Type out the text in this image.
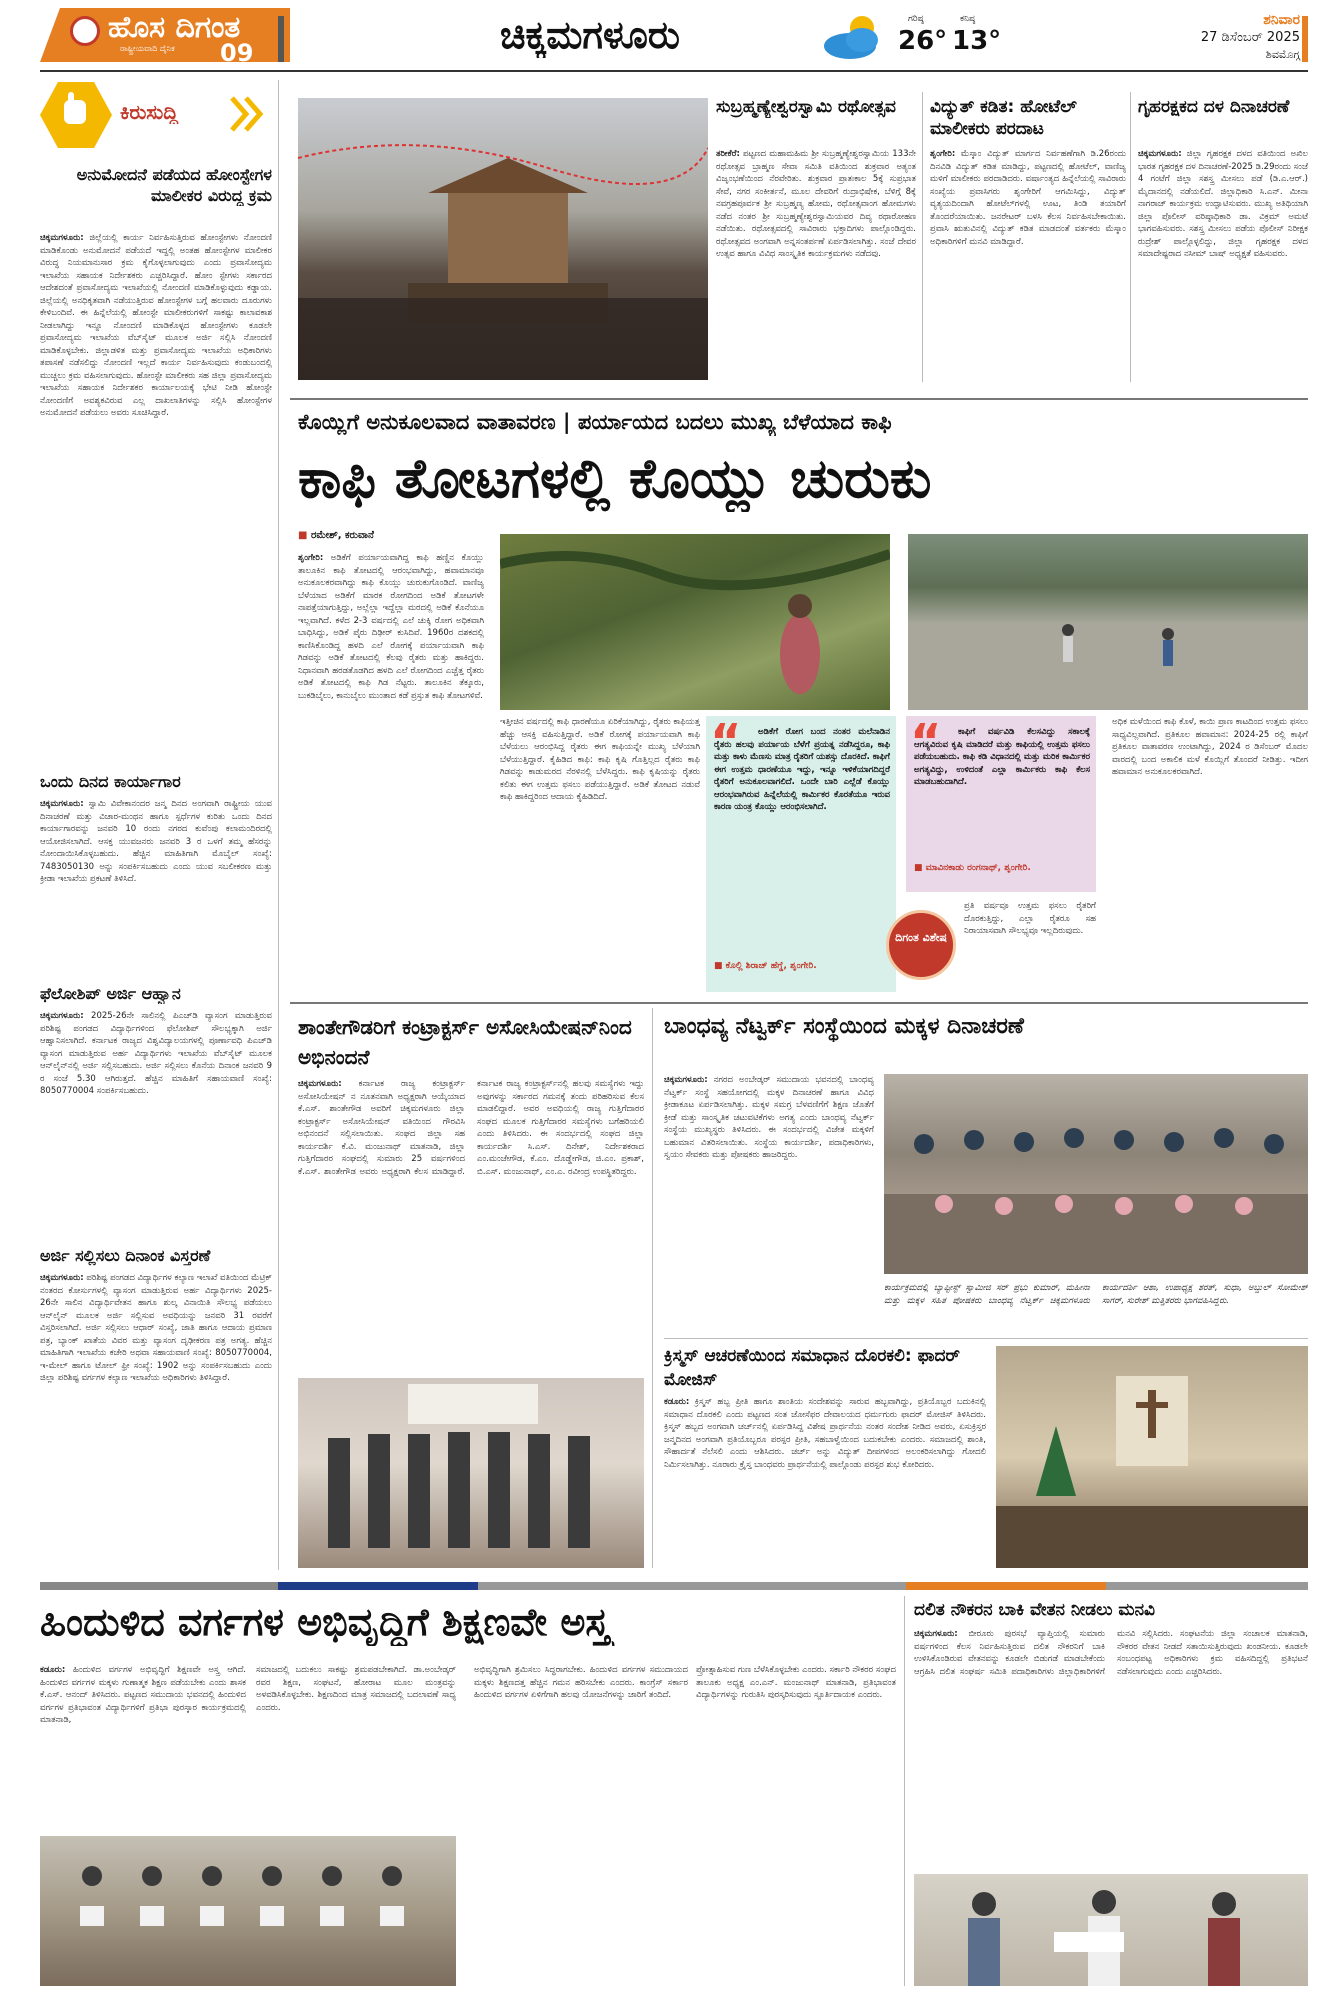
ಹೊಸ ದಿಗಂತ
ರಾಷ್ಟ್ರೀಯವಾದಿ ದೈನಿಕ	09	ಚಿಕ್ಕಮಗಳೂರು	ಗರಿಷ್ಠ
26°
ಕನಿಷ್ಠ
13°
ಶನಿವಾರ
27 ಡಿಸೆಂಬರ್ 2025
ಶಿವಮೊಗ್ಗ
ಕಿರುಸುದ್ದಿ
ಅನುಮೋದನೆ ಪಡೆಯದ ಹೋಂಸ್ಟೇಗಳ ಮಾಲೀಕರ ವಿರುದ್ಧ ಕ್ರಮ
ಚಿಕ್ಕಮಗಳೂರು: ಜಿಲ್ಲೆಯಲ್ಲಿ ಕಾರ್ಯ ನಿರ್ವಹಿಸುತ್ತಿರುವ ಹೋಂಸ್ಟೇಗಳು ನೋಂದಣಿ ಮಾಡಿಕೊಂಡು ಅನುಮೋದನೆ ಪಡೆಯದೆ ಇದ್ದಲ್ಲಿ ಅಂತಹ ಹೋಂಸ್ಟೇಗಳ ಮಾಲೀಕರ ವಿರುದ್ಧ ನಿಯಮಾನುಸಾರ ಕ್ರಮ ಕೈಗೊಳ್ಳಲಾಗುವುದು ಎಂದು ಪ್ರವಾಸೋದ್ಯಮ ಇಲಾಖೆಯ ಸಹಾಯಕ ನಿರ್ದೇಶಕರು ಎಚ್ಚರಿಸಿದ್ದಾರೆ. ಹೋಂ ಸ್ಟೇಗಳು ಸರ್ಕಾರದ ಆದೇಶದಂತೆ ಪ್ರವಾಸೋದ್ಯಮ ಇಲಾಖೆಯಲ್ಲಿ ನೋಂದಣಿ ಮಾಡಿಕೊಳ್ಳುವುದು ಕಡ್ಡಾಯ. ಜಿಲ್ಲೆಯಲ್ಲಿ ಅನಧಿಕೃತವಾಗಿ ನಡೆಯುತ್ತಿರುವ ಹೋಂಸ್ಟೇಗಳ ಬಗ್ಗೆ ಹಲವಾರು ದೂರುಗಳು ಕೇಳಿಬಂದಿವೆ. ಈ ಹಿನ್ನೆಲೆಯಲ್ಲಿ ಹೋಂಸ್ಟೇ ಮಾಲೀಕರುಗಳಿಗೆ ಸಾಕಷ್ಟು ಕಾಲಾವಕಾಶ ನೀಡಲಾಗಿದ್ದು ಇನ್ನೂ ನೋಂದಣಿ ಮಾಡಿಕೊಳ್ಳದ ಹೋಂಸ್ಟೇಗಳು ಕೂಡಲೇ ಪ್ರವಾಸೋದ್ಯಮ ಇಲಾಖೆಯ ವೆಬ್‌ಸೈಟ್ ಮೂಲಕ ಅರ್ಜಿ ಸಲ್ಲಿಸಿ ನೋಂದಣಿ ಮಾಡಿಕೊಳ್ಳಬೇಕು. ಜಿಲ್ಲಾಡಳಿತ ಮತ್ತು ಪ್ರವಾಸೋದ್ಯಮ ಇಲಾಖೆಯ ಅಧಿಕಾರಿಗಳು ತಪಾಸಣೆ ನಡೆಸಲಿದ್ದು ನೋಂದಣಿ ಇಲ್ಲದೆ ಕಾರ್ಯ ನಿರ್ವಹಿಸುವುದು ಕಂಡುಬಂದಲ್ಲಿ ಮುಚ್ಚಲು ಕ್ರಮ ವಹಿಸಲಾಗುವುದು. ಹೋಂಸ್ಟೇ ಮಾಲೀಕರು ಸಹ ಜಿಲ್ಲಾ ಪ್ರವಾಸೋದ್ಯಮ ಇಲಾಖೆಯ ಸಹಾಯಕ ನಿರ್ದೇಶಕರ ಕಾರ್ಯಾಲಯಕ್ಕೆ ಭೇಟಿ ನೀಡಿ ಹೋಂಸ್ಟೇ ನೋಂದಣಿಗೆ ಅವಶ್ಯಕವಿರುವ ಎಲ್ಲ ದಾಖಲಾತಿಗಳನ್ನು ಸಲ್ಲಿಸಿ ಹೋಂಸ್ಟೇಗಳ ಅನುಮೋದನೆ ಪಡೆಯಲು ಅವರು ಸೂಚಿಸಿದ್ದಾರೆ.
ಒಂದು ದಿನದ ಕಾರ್ಯಾಗಾರ
ಚಿಕ್ಕಮಗಳೂರು: ಸ್ವಾಮಿ ವಿವೇಕಾನಂದರ ಜನ್ಮ ದಿನದ ಅಂಗವಾಗಿ ರಾಷ್ಟ್ರೀಯ ಯುವ ದಿನಾಚರಣೆ ಮತ್ತು ವಿಚಾರ-ಮಂಥನ ಹಾಗೂ ಸ್ಪರ್ಧೆಗಳ ಕುರಿತು ಒಂದು ದಿನದ ಕಾರ್ಯಾಗಾರವನ್ನು ಜನವರಿ 10 ರಂದು ನಗರದ ಕುವೆಂಪು ಕಲಾಮಂದಿರದಲ್ಲಿ ಆಯೋಜಿಸಲಾಗಿದೆ. ಆಸಕ್ತ ಯುವಜನರು ಜನವರಿ 3 ರ ಒಳಗೆ ತಮ್ಮ ಹೆಸರನ್ನು ನೋಂದಾಯಿಸಿಕೊಳ್ಳಬಹುದು. ಹೆಚ್ಚಿನ ಮಾಹಿತಿಗಾಗಿ ಮೊಬೈಲ್ ಸಂಖ್ಯೆ: 7483050130 ಅನ್ನು ಸಂಪರ್ಕಿಸಬಹುದು ಎಂದು ಯುವ ಸಬಲೀಕರಣ ಮತ್ತು ಕ್ರೀಡಾ ಇಲಾಖೆಯ ಪ್ರಕಟಣೆ ತಿಳಿಸಿದೆ.
ಫೆಲೋಶಿಪ್ ಅರ್ಜಿ ಆಹ್ವಾನ
ಚಿಕ್ಕಮಗಳೂರು: 2025-26ನೇ ಸಾಲಿನಲ್ಲಿ ಪಿಎಚ್‌ಡಿ ವ್ಯಾಸಂಗ ಮಾಡುತ್ತಿರುವ ಪರಿಶಿಷ್ಟ ಪಂಗಡದ ವಿದ್ಯಾರ್ಥಿಗಳಿಂದ ಫೆಲೋಶಿಪ್ ಸೌಲಭ್ಯಕ್ಕಾಗಿ ಅರ್ಜಿ ಆಹ್ವಾನಿಸಲಾಗಿದೆ. ಕರ್ನಾಟಕ ರಾಜ್ಯದ ವಿಶ್ವವಿದ್ಯಾಲಯಗಳಲ್ಲಿ ಪೂರ್ಣಾವಧಿ ಪಿಎಚ್‌ಡಿ ವ್ಯಾಸಂಗ ಮಾಡುತ್ತಿರುವ ಅರ್ಹ ವಿದ್ಯಾರ್ಥಿಗಳು ಇಲಾಖೆಯ ವೆಬ್‌ಸೈಟ್ ಮೂಲಕ ಆನ್‌ಲೈನ್‌ನಲ್ಲಿ ಅರ್ಜಿ ಸಲ್ಲಿಸಬಹುದು. ಅರ್ಜಿ ಸಲ್ಲಿಸಲು ಕೊನೆಯ ದಿನಾಂಕ ಜನವರಿ 9 ರ ಸಂಜೆ 5.30 ಆಗಿರುತ್ತದೆ. ಹೆಚ್ಚಿನ ಮಾಹಿತಿಗೆ ಸಹಾಯವಾಣಿ ಸಂಖ್ಯೆ: 8050770004 ಸಂಪರ್ಕಿಸಬಹುದು.
ಅರ್ಜಿ ಸಲ್ಲಿಸಲು ದಿನಾಂಕ ವಿಸ್ತರಣೆ
ಚಿಕ್ಕಮಗಳೂರು: ಪರಿಶಿಷ್ಟ ಪಂಗಡದ ವಿದ್ಯಾರ್ಥಿಗಳ ಕಲ್ಯಾಣ ಇಲಾಖೆ ವತಿಯಿಂದ ಮೆಟ್ರಿಕ್ ನಂತರದ ಕೋರ್ಸುಗಳಲ್ಲಿ ವ್ಯಾಸಂಗ ಮಾಡುತ್ತಿರುವ ಅರ್ಹ ವಿದ್ಯಾರ್ಥಿಗಳು 2025-26ನೇ ಸಾಲಿನ ವಿದ್ಯಾರ್ಥಿವೇತನ ಹಾಗೂ ಶುಲ್ಕ ವಿನಾಯಿತಿ ಸೌಲಭ್ಯ ಪಡೆಯಲು ಆನ್‌ಲೈನ್ ಮೂಲಕ ಅರ್ಜಿ ಸಲ್ಲಿಸುವ ಅವಧಿಯನ್ನು ಜನವರಿ 31 ರವರೆಗೆ ವಿಸ್ತರಿಸಲಾಗಿದೆ. ಅರ್ಜಿ ಸಲ್ಲಿಸಲು ಆಧಾರ್ ಸಂಖ್ಯೆ, ಜಾತಿ ಹಾಗೂ ಆದಾಯ ಪ್ರಮಾಣ ಪತ್ರ, ಬ್ಯಾಂಕ್ ಖಾತೆಯ ವಿವರ ಮತ್ತು ವ್ಯಾಸಂಗ ದೃಢೀಕರಣ ಪತ್ರ ಅಗತ್ಯ. ಹೆಚ್ಚಿನ ಮಾಹಿತಿಗಾಗಿ ಇಲಾಖೆಯ ಕಚೇರಿ ಅಥವಾ ಸಹಾಯವಾಣಿ ಸಂಖ್ಯೆ: 8050770004, ಇ-ಮೇಲ್ ಹಾಗೂ ಟೋಲ್ ಫ್ರೀ ಸಂಖ್ಯೆ: 1902 ಅನ್ನು ಸಂಪರ್ಕಿಸಬಹುದು ಎಂದು ಜಿಲ್ಲಾ ಪರಿಶಿಷ್ಟ ವರ್ಗಗಳ ಕಲ್ಯಾಣ ಇಲಾಖೆಯ ಅಧಿಕಾರಿಗಳು ತಿಳಿಸಿದ್ದಾರೆ.
ಸುಬ್ರಹ್ಮಣ್ಯೇಶ್ವರಸ್ವಾಮಿ ರಥೋತ್ಸವ
ತರೀಕೆರೆ: ಪಟ್ಟಣದ ಮಹಾಮಹಿಮ ಶ್ರೀ ಸುಬ್ರಹ್ಮಣ್ಯೇಶ್ವರಸ್ವಾಮಿಯ 133ನೇ ರಥೋತ್ಸವ ಬ್ರಾಹ್ಮಣ ಸೇವಾ ಸಮಿತಿ ವತಿಯಿಂದ ಶುಕ್ರವಾರ ಅತ್ಯಂತ ವಿಜೃಂಭಣೆಯಿಂದ ನೆರವೇರಿತು. ಶುಕ್ರವಾರ ಪ್ರಾತಃಕಾಲ 5ಕ್ಕೆ ಸುಪ್ರಭಾತ ಸೇವೆ, ನಗರ ಸಂಕೀರ್ತನೆ, ಮೂಲ ದೇವರಿಗೆ ರುದ್ರಾಭಿಷೇಕ, ಬೆಳಿಗ್ಗೆ 8ಕ್ಕೆ ನವಗ್ರಹಪೂರ್ವಕ ಶ್ರೀ ಸುಬ್ರಹ್ಮಣ್ಯ ಹೋಮ, ರಥೋತ್ಸವಾಂಗ ಹೋಮಗಳು ನಡೆದ ನಂತರ ಶ್ರೀ ಸುಬ್ರಹ್ಮಣ್ಯೇಶ್ವರಸ್ವಾಮಿಯವರ ದಿವ್ಯ ರಥಾರೋಹಣ ನಡೆಯಿತು. ರಥೋತ್ಸವದಲ್ಲಿ ಸಾವಿರಾರು ಭಕ್ತಾದಿಗಳು ಪಾಲ್ಗೊಂಡಿದ್ದರು. ರಥೋತ್ಸವದ ಅಂಗವಾಗಿ ಅನ್ನಸಂತರ್ಪಣೆ ಏರ್ಪಡಿಸಲಾಗಿತ್ತು. ಸಂಜೆ ದೇವರ ಉತ್ಸವ ಹಾಗೂ ವಿವಿಧ ಸಾಂಸ್ಕೃತಿಕ ಕಾರ್ಯಕ್ರಮಗಳು ನಡೆದವು.
ವಿದ್ಯುತ್ ಕಡಿತ: ಹೋಟೆಲ್ ಮಾಲೀಕರು ಪರದಾಟ
ಶೃಂಗೇರಿ: ಮೆಸ್ಕಾಂ ವಿದ್ಯುತ್ ಮಾರ್ಗದ ನಿರ್ವಹಣೆಗಾಗಿ ಡಿ.26ರಂದು ದಿನವಿಡಿ ವಿದ್ಯುತ್ ಕಡಿತ ಮಾಡಿದ್ದು, ಪಟ್ಟಣದಲ್ಲಿ ಹೋಟೆಲ್, ವಾಣಿಜ್ಯ ಮಳಿಗೆ ಮಾಲೀಕರು ಪರದಾಡಿದರು. ವರ್ಷಾಂತ್ಯದ ಹಿನ್ನೆಲೆಯಲ್ಲಿ ಸಾವಿರಾರು ಸಂಖ್ಯೆಯ ಪ್ರವಾಸಿಗರು ಶೃಂಗೇರಿಗೆ ಆಗಮಿಸಿದ್ದು, ವಿದ್ಯುತ್ ವ್ಯತ್ಯಯದಿಂದಾಗಿ ಹೋಟೆಲ್‌ಗಳಲ್ಲಿ ಊಟ, ತಿಂಡಿ ತಯಾರಿಗೆ ತೊಂದರೆಯಾಯಿತು. ಜನರೇಟರ್ ಬಳಸಿ ಕೆಲಸ ನಿರ್ವಹಿಸಬೇಕಾಯಿತು. ಪ್ರವಾಸಿ ಋತುವಿನಲ್ಲಿ ವಿದ್ಯುತ್ ಕಡಿತ ಮಾಡದಂತೆ ವರ್ತಕರು ಮೆಸ್ಕಾಂ ಅಧಿಕಾರಿಗಳಿಗೆ ಮನವಿ ಮಾಡಿದ್ದಾರೆ.
ಗೃಹರಕ್ಷಕದ ದಳ ದಿನಾಚರಣೆ
ಚಿಕ್ಕಮಗಳೂರು: ಜಿಲ್ಲಾ ಗೃಹರಕ್ಷಕ ದಳದ ವತಿಯಿಂದ ಅಖಿಲ ಭಾರತ ಗೃಹರಕ್ಷಕ ದಳ ದಿನಾಚರಣೆ-2025 ಡಿ.29ರಂದು ಸಂಜೆ 4 ಗಂಟೆಗೆ ಜಿಲ್ಲಾ ಸಶಸ್ತ್ರ ಮೀಸಲು ಪಡೆ (ಡಿ.ಎ.ಆರ್.) ಮೈದಾನದಲ್ಲಿ ನಡೆಯಲಿದೆ. ಜಿಲ್ಲಾಧಿಕಾರಿ ಸಿ.ಎನ್. ಮೀನಾ ನಾಗರಾಜ್ ಕಾರ್ಯಕ್ರಮ ಉದ್ಘಾಟಿಸುವರು. ಮುಖ್ಯ ಅತಿಥಿಯಾಗಿ ಜಿಲ್ಲಾ ಪೊಲೀಸ್ ವರಿಷ್ಠಾಧಿಕಾರಿ ಡಾ. ವಿಕ್ರಮ್ ಅಮಟೆ ಭಾಗವಹಿಸುವರು. ಸಶಸ್ತ್ರ ಮೀಸಲು ಪಡೆಯ ಪೊಲೀಸ್ ನಿರೀಕ್ಷಕ ರುದ್ರೇಶ್ ಪಾಲ್ಗೊಳ್ಳಲಿದ್ದು, ಜಿಲ್ಲಾ ಗೃಹರಕ್ಷಕ ದಳದ ಸಮಾದೇಷ್ಟರಾದ ನಸೀಮ್ ಬಾಷ್ ಅಧ್ಯಕ್ಷತೆ ವಹಿಸುವರು.
ಕೊಯ್ಲಿಗೆ ಅನುಕೂಲವಾದ ವಾತಾವರಣ | ಪರ್ಯಾಯದ ಬದಲು ಮುಖ್ಯ ಬೆಳೆಯಾದ ಕಾಫಿ
ಕಾಫಿ ತೋಟಗಳಲ್ಲಿ ಕೊಯ್ಲು ಚುರುಕು
■ ರಮೇಶ್, ಕರುವಾನೆ
ಶೃಂಗೇರಿ: ಅಡಿಕೆಗೆ ಪರ್ಯಾಯವಾಗಿದ್ದ ಕಾಫಿ ಹಣ್ಣಿನ ಕೊಯ್ಲು ತಾಲೂಕಿನ ಕಾಫಿ ತೋಟದಲ್ಲಿ ಆರಂಭವಾಗಿದ್ದು, ಹವಾಮಾನವೂ ಅನುಕೂಲಕರವಾಗಿದ್ದು ಕಾಫಿ ಕೊಯ್ಲು ಚುರುಕುಗೊಂಡಿದೆ. ವಾಣಿಜ್ಯ ಬೆಳೆಯಾದ ಅಡಿಕೆಗೆ ಮಾರಕ ರೋಗದಿಂದ ಅಡಿಕೆ ತೋಟಗಳೇ ನಾಪತ್ತೆಯಾಗುತ್ತಿದ್ದು, ಅಲ್ಲೆಲ್ಲಾ ಇದ್ದೆಲ್ಲಾ ಮರದಲ್ಲಿ ಅಡಿಕೆ ಕೊನೆಯೂ ಇಲ್ಲವಾಗಿದೆ. ಕಳೆದ 2-3 ವರ್ಷದಲ್ಲಿ ಎಲೆ ಚುಕ್ಕಿ ರೋಗ ಅಧಿಕವಾಗಿ ಬಾಧಿಸಿದ್ದು, ಅಡಿಕೆ ಪೈರು ದಿಢೀರ್ ಕುಸಿದಿವೆ. 1960ರ ದಶಕದಲ್ಲಿ ಕಾಣಿಸಿಕೊಂಡಿದ್ದ ಹಳದಿ ಎಲೆ ರೋಗಕ್ಕೆ ಪರ್ಯಾಯವಾಗಿ ಕಾಫಿ ಗಿಡವನ್ನು ಅಡಿಕೆ ತೋಟದಲ್ಲಿ ಕೆಲವು ರೈತರು ಮತ್ತು ಹಾಕಿದ್ದರು. ನಿಧಾನವಾಗಿ ಹರಡತೊಡಗಿದ ಹಳದಿ ಎಲೆ ರೋಗದಿಂದ ಎಚ್ಚೆತ್ತ ರೈತರು ಅಡಿಕೆ ತೋಟದಲ್ಲಿ ಕಾಫಿ ಗಿಡ ನೆಟ್ಟರು. ತಾಲೂಕಿನ ತೆಕ್ಕೂರು, ಬುಕಡಿಬೈಲು, ಕಾನುಬೈಲು ಮುಂತಾದ ಕಡೆ ಪ್ರಸ್ತುತ ಕಾಫಿ ತೋಟಗಳಿವೆ.
ಇತ್ತೀಚಿನ ವರ್ಷದಲ್ಲಿ ಕಾಫಿ ಧಾರಣೆಯೂ ಏರಿಕೆಯಾಗಿದ್ದು, ರೈತರು ಕಾಫಿಯತ್ತ ಹೆಚ್ಚು ಆಸಕ್ತಿ ವಹಿಸುತ್ತಿದ್ದಾರೆ. ಅಡಿಕೆ ರೋಗಕ್ಕೆ ಪರ್ಯಾಯವಾಗಿ ಕಾಫಿ ಬೆಳೆಯಲು ಆರಂಭಿಸಿದ್ದ ರೈತರು ಈಗ ಕಾಫಿಯನ್ನೇ ಮುಖ್ಯ ಬೆಳೆಯಾಗಿ ಬೆಳೆಯುತ್ತಿದ್ದಾರೆ. ಕೈಹಿಡಿದ ಕಾಫಿ: ಕಾಫಿ ಕೃಷಿ ಗೊತ್ತಿಲ್ಲದ ರೈತರು ಕಾಫಿ ಗಿಡವನ್ನು ಕಾಡುಮರದ ನೆರಳಿನಲ್ಲಿ ಬೆಳೆಸಿದ್ದರು. ಕಾಫಿ ಕೃಷಿಯನ್ನು ರೈತರು ಕಲಿತು ಈಗ ಉತ್ತಮ ಫಸಲು ಪಡೆಯುತ್ತಿದ್ದಾರೆ. ಅಡಿಕೆ ತೋಟದ ನಡುವೆ ಕಾಫಿ ಹಾಕಿದ್ದರಿಂದ ಆದಾಯ ಕೈಹಿಡಿದಿದೆ.
“	ಅಡಿಕೆಗೆ ರೋಗ ಬಂದ ನಂತರ ಮಲೆನಾಡಿನ ರೈತರು ಹಲವು ಪರ್ಯಾಯ ಬೆಳೆಗೆ ಪ್ರಯತ್ನ ನಡೆಸಿದ್ದರೂ, ಕಾಫಿ ಮತ್ತು ಕಾಳು ಮೆಣಸು ಮಾತ್ರ ರೈತರಿಗೆ ಯಶಸ್ಸು ದೊರಕಿದೆ. ಕಾಫಿಗೆ ಈಗ ಉತ್ತಮ ಧಾರಣೆಯೂ ಇದ್ದು, ಇನ್ನೂ ಇಳಿಕೆಯಾಗದಿದ್ದರೆ ರೈತರಿಗೆ ಅನುಕೂಲವಾಗಲಿದೆ. ಒಂದೇ ಬಾರಿ ಎಲ್ಲೆಡೆ ಕೊಯ್ಲು ಆರಂಭವಾಗಿರುವ ಹಿನ್ನೆಲೆಯಲ್ಲಿ ಕಾರ್ಮಿಕರ ಕೊರತೆಯೂ ಇರುವ ಕಾರಣ ಯಂತ್ರ ಕೊಯ್ಲು ಆರಂಭಿಸಲಾಗಿದೆ.
■ ಕೊಲ್ಲಿ ಶಿರಾಜ್ ಹೆಗ್ಡೆ, ಶೃಂಗೇರಿ.
“	ಕಾಫಿಗೆ ವರ್ಷವಿಡಿ ಕೆಲಸವಿದ್ದು ಸಕಾಲಕ್ಕೆ ಆಗತ್ಯವಿರುವ ಕೃಷಿ ಮಾಡಿದರೆ ಮತ್ತು ಕಾಫಿಯಲ್ಲಿ ಉತ್ತಮ ಫಸಲು ಪಡೆಯಬಹುದು. ಕಾಫಿ ಕಡಿ ವಿಧಾನದಲ್ಲಿ ಮತ್ತು ಮರಿಕ ಕಾರ್ಮಿಕರ ಅಗತ್ಯವಿದ್ದು, ಉಳಿದಂತೆ ಎಲ್ಲಾ ಕಾರ್ಮಿಕರು ಕಾಫಿ ಕೆಲಸ ಮಾಡಬಹುದಾಗಿದೆ.
■ ಮಾವಿನಕಾಡು ರಂಗನಾಥ್, ಶೃಂಗೇರಿ.
ದಿಗಂತ ವಿಶೇಷ
ಪ್ರತಿ ವರ್ಷವೂ ಉತ್ತಮ ಫಸಲು ರೈತರಿಗೆ ದೊರಕುತ್ತಿದ್ದು, ಎಲ್ಲಾ ರೈತರೂ ಸಹ ನಿರಾಯಾಸವಾಗಿ ಸೌಲಭ್ಯವೂ ಇಲ್ಲದಿರುವುದು.
ಅಧಿಕ ಮಳೆಯಿಂದ ಕಾಫಿ ಕೊಳೆ, ಕಾಯಿ ಪ್ರಾಣ ಕಾಟದಿಂದ ಉತ್ತಮ ಫಸಲು ಸಾಧ್ಯವಿಲ್ಲವಾಗಿದೆ. ಪ್ರತಿಕೂಲ ಹವಾಮಾನ: 2024-25 ರಲ್ಲಿ ಕಾಫಿಗೆ ಪ್ರತಿಕೂಲ ವಾತಾವರಣ ಉಂಟಾಗಿದ್ದು, 2024 ರ ಡಿಸೆಂಬರ್ ಮೊದಲ ವಾರದಲ್ಲಿ ಬಂದ ಅಕಾಲಿಕ ಮಳೆ ಕೊಯ್ಲಿಗೆ ತೊಂದರೆ ನೀಡಿತ್ತು. ಇದೀಗ ಹವಾಮಾನ ಅನುಕೂಲಕರವಾಗಿದೆ.
ಶಾಂತೇಗೌಡರಿಗೆ ಕಂಟ್ರಾಕ್ಟರ್ಸ್ ಅಸೋಸಿಯೇಷನ್‌ನಿಂದ ಅಭಿನಂದನೆ
ಚಿಕ್ಕಮಗಳೂರು: ಕರ್ನಾಟಕ ರಾಜ್ಯ ಕಂಟ್ರಾಕ್ಟರ್ಸ್ ಅಸೋಸಿಯೇಷನ್ ನ ನೂತನವಾಗಿ ಅಧ್ಯಕ್ಷರಾಗಿ ಆಯ್ಕೆಯಾದ ಕೆ.ಎಸ್. ಶಾಂತೇಗೌಡ ಅವರಿಗೆ ಚಿಕ್ಕಮಗಳೂರು ಜಿಲ್ಲಾ ಕಂಟ್ರಾಕ್ಟರ್ಸ್ ಅಸೋಸಿಯೇಷನ್ ವತಿಯಿಂದ ಗೌರವಿಸಿ ಅಭಿನಂದನೆ ಸಲ್ಲಿಸಲಾಯಿತು. ಸಂಘದ ಜಿಲ್ಲಾ ಸಹ ಕಾರ್ಯದರ್ಶಿ ಕೆ.ವಿ. ಮಂಜುನಾಥ್ ಮಾತನಾಡಿ, ಜಿಲ್ಲಾ ಗುತ್ತಿಗೆದಾರರ ಸಂಘದಲ್ಲಿ ಸುಮಾರು 25 ವರ್ಷಗಳಿಂದ ಕೆ.ಎಸ್. ಶಾಂತೇಗೌಡ ಅವರು ಅಧ್ಯಕ್ಷರಾಗಿ ಕೆಲಸ ಮಾಡಿದ್ದಾರೆ. ಕರ್ನಾಟಕ ರಾಜ್ಯ ಕಂಟ್ರಾಕ್ಟರ್ಸ್‌ನಲ್ಲಿ ಹಲವು ಸಮಸ್ಯೆಗಳು ಇದ್ದು ಅವುಗಳನ್ನು ಸರ್ಕಾರದ ಗಮನಕ್ಕೆ ತಂದು ಪರಿಹರಿಸುವ ಕೆಲಸ ಮಾಡಲಿದ್ದಾರೆ. ಅವರ ಅವಧಿಯಲ್ಲಿ ರಾಜ್ಯ ಗುತ್ತಿಗೆದಾರರ ಸಂಘದ ಮೂಲಕ ಗುತ್ತಿಗೆದಾರರ ಸಮಸ್ಯೆಗಳು ಬಗೆಹರಿಯಲಿ ಎಂದು ತಿಳಿಸಿದರು. ಈ ಸಂದರ್ಭದಲ್ಲಿ ಸಂಘದ ಜಿಲ್ಲಾ ಕಾರ್ಯದರ್ಶಿ ಸಿ.ಎಸ್. ದಿನೇಶ್, ನಿರ್ದೇಶಕರಾದ ಎಂ.ಮಂಜೇಗೌಡ, ಕೆ.ಎಂ. ದೊಡ್ಡೇಗೌಡ, ಜಿ.ಎಂ. ಪ್ರಕಾಶ್, ಬಿ.ಎಸ್. ಮಂಜುನಾಥ್, ಎಂ.ಎ. ರವೀಂದ್ರ ಉಪಸ್ಥಿತರಿದ್ದರು.
ಬಾಂಧವ್ಯ ನೆಟ್ವರ್ಕ್ ಸಂಸ್ಥೆಯಿಂದ ಮಕ್ಕಳ ದಿನಾಚರಣೆ
ಚಿಕ್ಕಮಗಳೂರು: ನಗರದ ಅಂಬೇಡ್ಕರ್ ಸಮುದಾಯ ಭವನದಲ್ಲಿ ಬಾಂಧವ್ಯ ನೆಟ್ವರ್ಕ್ ಸಂಸ್ಥೆ ಸಹಯೋಗದಲ್ಲಿ ಮಕ್ಕಳ ದಿನಾಚರಣೆ ಹಾಗೂ ವಿವಿಧ ಕ್ರೀಡಾಕೂಟ ಏರ್ಪಡಿಸಲಾಗಿತ್ತು. ಮಕ್ಕಳ ಸಮಗ್ರ ಬೆಳವಣಿಗೆಗೆ ಶಿಕ್ಷಣ ಜೊತೆಗೆ ಕ್ರೀಡೆ ಮತ್ತು ಸಾಂಸ್ಕೃತಿಕ ಚಟುವಟಿಕೆಗಳು ಅಗತ್ಯ ಎಂದು ಬಾಂಧವ್ಯ ನೆಟ್ವರ್ಕ್ ಸಂಸ್ಥೆಯ ಮುಖ್ಯಸ್ಥರು ತಿಳಿಸಿದರು. ಈ ಸಂದರ್ಭದಲ್ಲಿ ವಿಜೇತ ಮಕ್ಕಳಿಗೆ ಬಹುಮಾನ ವಿತರಿಸಲಾಯಿತು. ಸಂಸ್ಥೆಯ ಕಾರ್ಯದರ್ಶಿ, ಪದಾಧಿಕಾರಿಗಳು, ಸ್ವಯಂ ಸೇವಕರು ಮತ್ತು ಪೋಷಕರು ಹಾಜರಿದ್ದರು.
ಕಾರ್ಯಕ್ರಮದಲ್ಲಿ ಬ್ಯಾಪ್ಟೀಸ್ಟ್ ಸ್ವಾಮೀಜಿ ಸರ್ ಪ್ರಭು ಕುಮಾರ್, ಮಹೀನಾ ಮತ್ತು ಮಕ್ಕಳ ಸಹಿತ ಪೋಷಕರು ಬಾಂಧವ್ಯ ನೆಟ್ವರ್ಕ್ ಚಿಕ್ಕಮಗಳೂರು ಕಾರ್ಯದರ್ಶಿ ಆಶಾ, ಉಪಾಧ್ಯಕ್ಷ ಶರತ್, ಸುಧಾ, ಅಬ್ದುಲ್ ಸೋಮೇಶ್ ಸಾಗರ್, ಸುರೇಶ್ ಮತ್ತಿತರರು ಭಾಗವಹಿಸಿದ್ದರು.
ಕ್ರಿಸ್ಮಸ್ ಆಚರಣೆಯಿಂದ ಸಮಾಧಾನ ದೊರಕಲಿ: ಫಾದರ್ ಮೋಜಿಸ್
ಕಡೂರು: ಕ್ರಿಸ್ಮಸ್ ಹಬ್ಬ ಪ್ರೀತಿ ಹಾಗೂ ಶಾಂತಿಯ ಸಂದೇಶವನ್ನು ಸಾರುವ ಹಬ್ಬವಾಗಿದ್ದು, ಪ್ರತಿಯೊಬ್ಬರ ಬದುಕಿನಲ್ಲಿ ಸಮಾಧಾನ ದೊರಕಲಿ ಎಂದು ಪಟ್ಟಣದ ಸಂತ ಜೋಸೆಫರ ದೇವಾಲಯದ ಧರ್ಮಗುರು ಫಾದರ್ ಮೋಜಿಸ್ ತಿಳಿಸಿದರು. ಕ್ರಿಸ್ಮಸ್ ಹಬ್ಬದ ಅಂಗವಾಗಿ ಚರ್ಚ್‌ನಲ್ಲಿ ಏರ್ಪಡಿಸಿದ್ದ ವಿಶೇಷ ಪ್ರಾರ್ಥನೆಯ ನಂತರ ಸಂದೇಶ ನೀಡಿದ ಅವರು, ಏಸುಕ್ರಿಸ್ತರ ಜನ್ಮದಿನದ ಅಂಗವಾಗಿ ಪ್ರತಿಯೊಬ್ಬರೂ ಪರಸ್ಪರ ಪ್ರೀತಿ, ಸಹಬಾಳ್ವೆಯಿಂದ ಬದುಕಬೇಕು ಎಂದರು. ಸಮಾಜದಲ್ಲಿ ಶಾಂತಿ, ಸೌಹಾರ್ದತೆ ನೆಲೆಸಲಿ ಎಂದು ಆಶಿಸಿದರು. ಚರ್ಚ್ ಅನ್ನು ವಿದ್ಯುತ್ ದೀಪಗಳಿಂದ ಅಲಂಕರಿಸಲಾಗಿದ್ದು ಗೋದಲಿ ನಿರ್ಮಿಸಲಾಗಿತ್ತು. ನೂರಾರು ಕ್ರೈಸ್ತ ಬಾಂಧವರು ಪ್ರಾರ್ಥನೆಯಲ್ಲಿ ಪಾಲ್ಗೊಂಡು ಪರಸ್ಪರ ಶುಭ ಕೋರಿದರು.
ಹಿಂದುಳಿದ ವರ್ಗಗಳ ಅಭಿವೃದ್ಧಿಗೆ ಶಿಕ್ಷಣವೇ ಅಸ್ತ್ರ
ಕಡೂರು: ಹಿಂದುಳಿದ ವರ್ಗಗಳ ಅಭಿವೃದ್ಧಿಗೆ ಶಿಕ್ಷಣವೇ ಅಸ್ತ್ರ ಆಗಿದೆ. ಹಿಂದುಳಿದ ವರ್ಗಗಳ ಮಕ್ಕಳು ಗುಣಾತ್ಮಕ ಶಿಕ್ಷಣ ಪಡೆಯಬೇಕು ಎಂದು ಶಾಸಕ ಕೆ.ಎಸ್. ಆನಂದ್ ತಿಳಿಸಿದರು. ಪಟ್ಟಣದ ಸಮುದಾಯ ಭವನದಲ್ಲಿ ಹಿಂದುಳಿದ ವರ್ಗಗಳ ಪ್ರತಿಭಾವಂತ ವಿದ್ಯಾರ್ಥಿಗಳಿಗೆ ಪ್ರತಿಭಾ ಪುರಸ್ಕಾರ ಕಾರ್ಯಕ್ರಮದಲ್ಲಿ ಮಾತನಾಡಿ,
ಸಮಾಜದಲ್ಲಿ ಬದುಕಲು ಸಾಕಷ್ಟು ಶ್ರಮಪಡಬೇಕಾಗಿದೆ. ಡಾ.ಅಂಬೇಡ್ಕರ್ ರವರ ಶಿಕ್ಷಣ, ಸಂಘಟನೆ, ಹೋರಾಟ ಮೂಲ ಮಂತ್ರವನ್ನು ಅಳವಡಿಸಿಕೊಳ್ಳಬೇಕು. ಶಿಕ್ಷಣದಿಂದ ಮಾತ್ರ ಸಮಾಜದಲ್ಲಿ ಬದಲಾವಣೆ ಸಾಧ್ಯ ಎಂದರು.
ಅಭಿವೃದ್ಧಿಗಾಗಿ ಶ್ರಮಿಸಲು ಸಿದ್ಧರಾಗಬೇಕು. ಹಿಂದುಳಿದ ವರ್ಗಗಳ ಸಮುದಾಯದ ಮಕ್ಕಳು ಶಿಕ್ಷಣದತ್ತ ಹೆಚ್ಚಿನ ಗಮನ ಹರಿಸಬೇಕು ಎಂದರು. ಕಾಂಗ್ರೆಸ್ ಸರ್ಕಾರ ಹಿಂದುಳಿದ ವರ್ಗಗಳ ಏಳಿಗೆಗಾಗಿ ಹಲವು ಯೋಜನೆಗಳನ್ನು ಜಾರಿಗೆ ತಂದಿದೆ.
ಪ್ರೋತ್ಸಾಹಿಸುವ ಗುಣ ಬೆಳೆಸಿಕೊಳ್ಳಬೇಕು ಎಂದರು. ಸರ್ಕಾರಿ ನೌಕರರ ಸಂಘದ ತಾಲೂಕು ಅಧ್ಯಕ್ಷ ಎಂ.ಎನ್. ಮಂಜುನಾಥ್ ಮಾತನಾಡಿ, ಪ್ರತಿಭಾವಂತ ವಿದ್ಯಾರ್ಥಿಗಳನ್ನು ಗುರುತಿಸಿ ಪುರಸ್ಕರಿಸುವುದು ಸ್ಪೂರ್ತಿದಾಯಕ ಎಂದರು.
ದಲಿತ ನೌಕರನ ಬಾಕಿ ವೇತನ ನೀಡಲು ಮನವಿ
ಚಿಕ್ಕಮಗಳೂರು: ಬೀರೂರು ಪುರಸಭೆ ವ್ಯಾಪ್ತಿಯಲ್ಲಿ ಸುಮಾರು ವರ್ಷಗಳಿಂದ ಕೆಲಸ ನಿರ್ವಹಿಸುತ್ತಿರುವ ದಲಿತ ನೌಕರನಿಗೆ ಬಾಕಿ ಉಳಿಸಿಕೊಂಡಿರುವ ವೇತನವನ್ನು ಕೂಡಲೇ ಬಿಡುಗಡೆ ಮಾಡಬೇಕೆಂದು ಆಗ್ರಹಿಸಿ ದಲಿತ ಸಂಘರ್ಷ ಸಮಿತಿ ಪದಾಧಿಕಾರಿಗಳು ಜಿಲ್ಲಾಧಿಕಾರಿಗಳಿಗೆ ಮನವಿ ಸಲ್ಲಿಸಿದರು. ಸಂಘಟನೆಯ ಜಿಲ್ಲಾ ಸಂಚಾಲಕ ಮಾತನಾಡಿ, ನೌಕರರ ವೇತನ ನೀಡದೆ ಸತಾಯಿಸುತ್ತಿರುವುದು ಖಂಡನೀಯ. ಕೂಡಲೇ ಸಂಬಂಧಪಟ್ಟ ಅಧಿಕಾರಿಗಳು ಕ್ರಮ ವಹಿಸದಿದ್ದಲ್ಲಿ ಪ್ರತಿಭಟನೆ ನಡೆಸಲಾಗುವುದು ಎಂದು ಎಚ್ಚರಿಸಿದರು.
